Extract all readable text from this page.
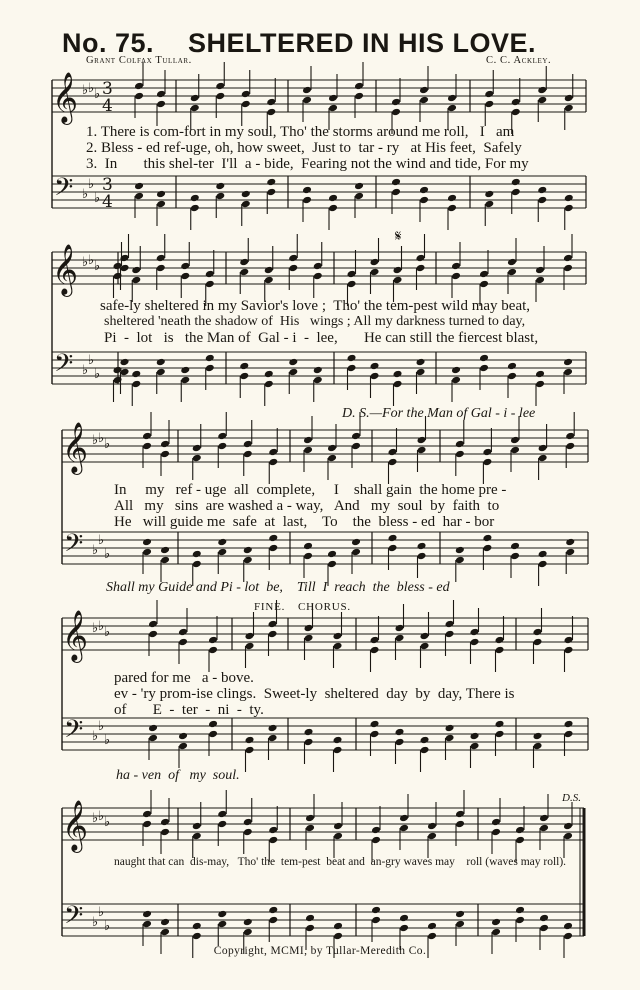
No. 75. SHELTERED IN HIS LOVE.
Grant Colfax Tullar.	C. C. Ackley.
𝄞
𝄢
♭ ♭ ♭
♭
♭
♭
3
4
3
4
𝄞
𝄢
♭ ♭ ♭
♭
♭
♭
𝄞
𝄢
♭ ♭ ♭
♭
♭
♭
𝄞
𝄢
♭ ♭ ♭
♭
♭
♭
𝄞
𝄢
♭ ♭ ♭
♭
♭
♭
1. There is com-fort in my soul, Tho' the storms around me roll,   I   am
2. Bless - ed ref-uge, oh, how sweet,  Just to  tar - ry   at His feet,  Safely
3.  In       this shel-ter  I'll  a - bide,  Fearing not the wind and tide, For my
𝄋
safe-ly sheltered in my Savior's love ;  Tho' the tem-pest wild may beat,
sheltered 'neath the shadow of  His   wings ; All my darkness turned to day,
Pi  -  lot   is   the Man of  Gal - i  -  lee,       He can still the fiercest blast,
D. S.—For the Man of Gal - i - lee
In     my   ref - uge  all  complete,     I    shall gain  the home pre -
All   my   sins  are washed a - way,   And   my  soul  by  faith  to
He   will guide me  safe  at  last,    To    the  bless - ed  har - bor
Shall my Guide and Pi - lot  be,    Till  I  reach  the  bless - ed
FINE. CHORUS.
pared for me   a - bove.
ev - 'ry prom-ise clings.  Sweet-ly  sheltered  day  by  day, There is
of       E  -  ter  -  ni  -  ty.
ha - ven  of   my  soul.
D.S.
naught that can  dis-may,   Tho' the  tem-pest  beat and  an-gry waves may    roll (waves may roll).
Copyright, MCMI, by Tullar-Meredith Co.
